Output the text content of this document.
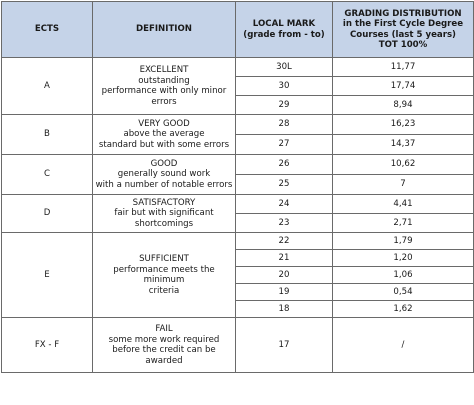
ECTS	DEFINITION	LOCAL MARK
(grade from - to)	GRADING DISTRIBUTION
in the First Cycle Degree
Courses (last 5 years)
TOT 100%

A	EXCELLENT
outstanding
performance with only minor
errors	30L	11,77
		30	17,74
		29	8,94
B	VERY GOOD
above the average
standard but with some errors	28	16,23
		27	14,37
C	GOOD
generally sound work
with a number of notable errors	26	10,62
		25	7
D	SATISFACTORY
fair but with significant
shortcomings	24	4,41
		23	2,71
E	SUFFICIENT
performance meets the minimum
criteria	22	1,79
		21	1,20
		20	1,06
		19	0,54
		18	1,62
FX - F	FAIL
some more work required
before the credit can be awarded	17	/
